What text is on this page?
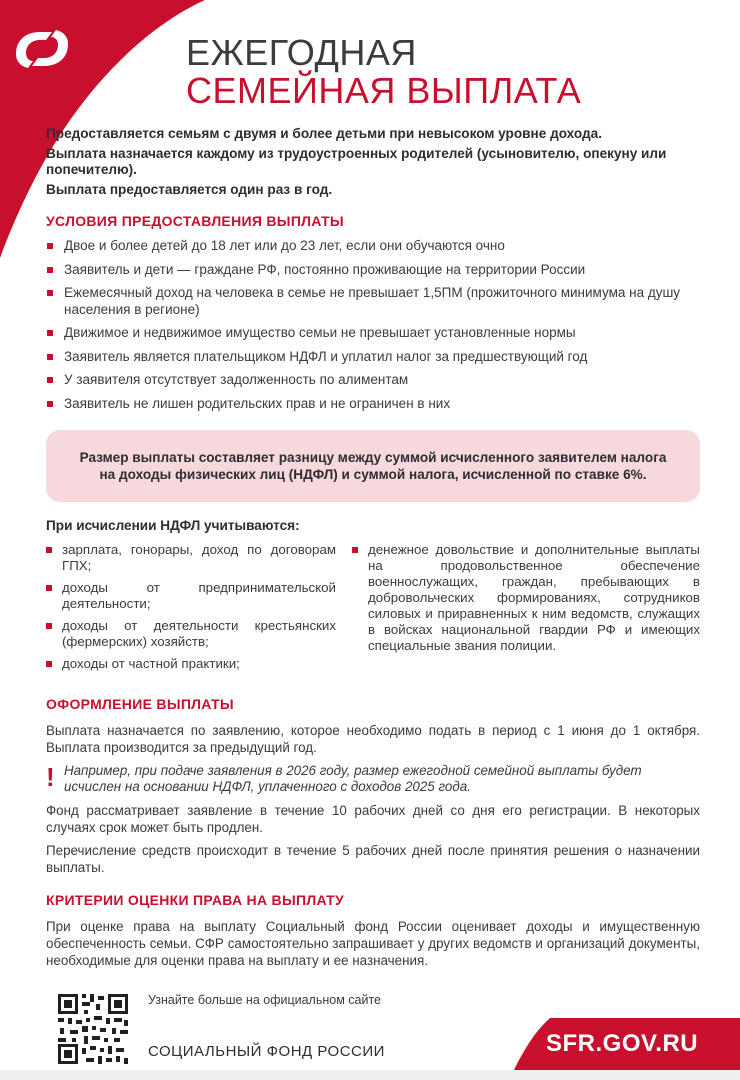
ЕЖЕГОДНАЯ
СЕМЕЙНАЯ ВЫПЛАТА

Предоставляется семьям с двумя и более детьми при невысоком уровне дохода.

Выплата назначается каждому из трудоустроенных родителей (усыновителю, опекуну или попечителю).

Выплата предоставляется один раз в год.

УСЛОВИЯ ПРЕДОСТАВЛЕНИЯ ВЫПЛАТЫ
Двое и более детей до 18 лет или до 23 лет, если они обучаются очно
Заявитель и дети — граждане РФ, постоянно проживающие на территории России
Ежемесячный доход на человека в семье не превышает 1,5ПМ (прожиточного минимума на душу населения в регионе)
Движимое и недвижимое имущество семьи не превышает установленные нормы
Заявитель является плательщиком НДФЛ и уплатил налог за предшествующий год
У заявителя отсутствует задолженность по алиментам
Заявитель не лишен родительских прав и не ограничен в них
Размер выплаты составляет разницу между суммой исчисленного заявителем налога на доходы физических лиц (НДФЛ) и суммой налога, исчисленной по ставке 6%.
При исчислении НДФЛ учитываются:
зарплата, гонорары, доход по договорам ГПХ;
доходы от предпринимательской деятельности;
доходы от деятельности крестьянских (фермерских) хозяйств;
доходы от частной практики;
денежное довольствие и дополнительные выплаты на продовольственное обеспечение военнослужащих, граждан, пребывающих в добровольческих формированиях, сотрудников силовых и приравненных к ним ведомств, служащих в войсках национальной гвардии РФ и имеющих специальные звания полиции.
ОФОРМЛЕНИЕ ВЫПЛАТЫ

Выплата назначается по заявлению, которое необходимо подать в период с 1 июня до 1 октября. Выплата производится за предыдущий год.

! Например, при подаче заявления в 2026 году, размер ежегодной семейной выплаты будет исчислен на основании НДФЛ, уплаченного с доходов 2025 года.

Фонд рассматривает заявление в течение 10 рабочих дней со дня его регистрации. В некоторых случаях срок может быть продлен.

Перечисление средств происходит в течение 5 рабочих дней после принятия решения о назначении выплаты.

КРИТЕРИИ ОЦЕНКИ ПРАВА НА ВЫПЛАТУ

При оценке права на выплату Социальный фонд России оценивает доходы и имущественную обеспеченность семьи. СФР самостоятельно запрашивает у других ведомств и организаций документы, необходимые для оценки права на выплату и ее назначения.

Узнайте больше на официальном сайте
СОЦИАЛЬНЫЙ ФОНД РОССИИ	SFR.GOV.RU
